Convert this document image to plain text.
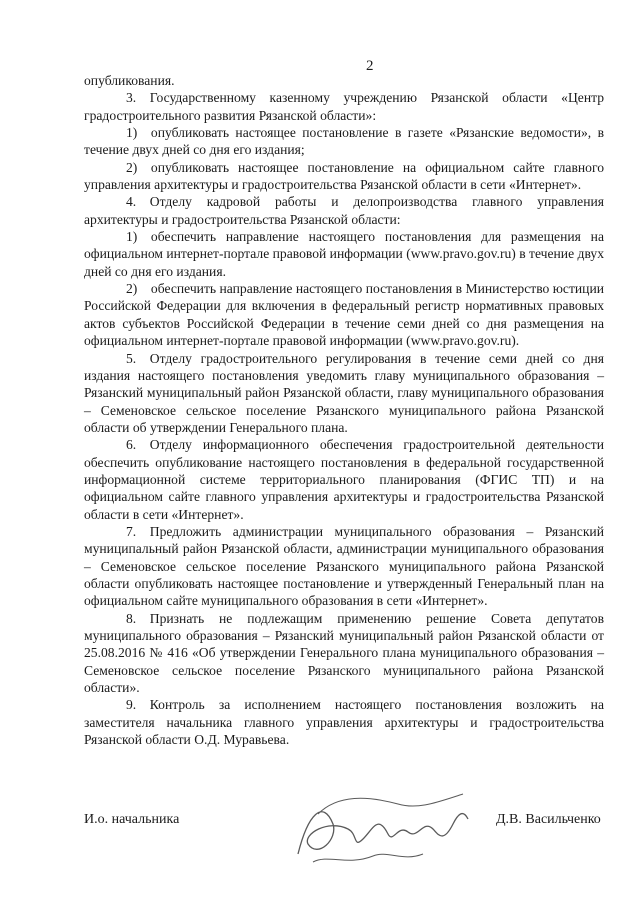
2

опубликования.

3. Государственному казенному учреждению Рязанской области «Центр градостроительного развития Рязанской области»:

1) опубликовать настоящее постановление в газете «Рязанские ведомости», в течение двух дней со дня его издания;

2) опубликовать настоящее постановление на официальном сайте главного управления архитектуры и градостроительства Рязанской области в сети «Интернет».

4. Отделу кадровой работы и делопроизводства главного управления архитектуры и градостроительства Рязанской области:

1) обеспечить направление настоящего постановления для размещения на официальном интернет-портале правовой информации (www.pravo.gov.ru) в течение двух дней со дня его издания.

2) обеспечить направление настоящего постановления в Министерство юстиции Российской Федерации для включения в федеральный регистр нормативных правовых актов субъектов Российской Федерации в течение семи дней со дня размещения на официальном интернет-портале правовой информации (www.pravo.gov.ru).

5. Отделу градостроительного регулирования в течение семи дней со дня издания настоящего постановления уведомить главу муниципального образования – Рязанский муниципальный район Рязанской области, главу муниципального образования – Семеновское сельское поселение Рязанского муниципального района Рязанской области об утверждении Генерального плана.

6. Отделу информационного обеспечения градостроительной деятельности обеспечить опубликование настоящего постановления в федеральной государственной информационной системе территориального планирования (ФГИС ТП) и на официальном сайте главного управления архитектуры и градостроительства Рязанской области в сети «Интернет».

7. Предложить администрации муниципального образования – Рязанский муниципальный район Рязанской области, администрации муниципального образования – Семеновское сельское поселение Рязанского муниципального района Рязанской области опубликовать настоящее постановление и утвержденный Генеральный план на официальном сайте муниципального образования в сети «Интернет».

8. Признать не подлежащим применению решение Совета депутатов муниципального образования – Рязанский муниципальный район Рязанской области от 25.08.2016 № 416 «Об утверждении Генерального плана муниципального образования – Семеновское сельское поселение Рязанского муниципального района Рязанской области».

9. Контроль за исполнением настоящего постановления возложить на заместителя начальника главного управления архитектуры и градостроительства Рязанской области О.Д. Муравьева.

И.о. начальника	Д.В. Васильченко
